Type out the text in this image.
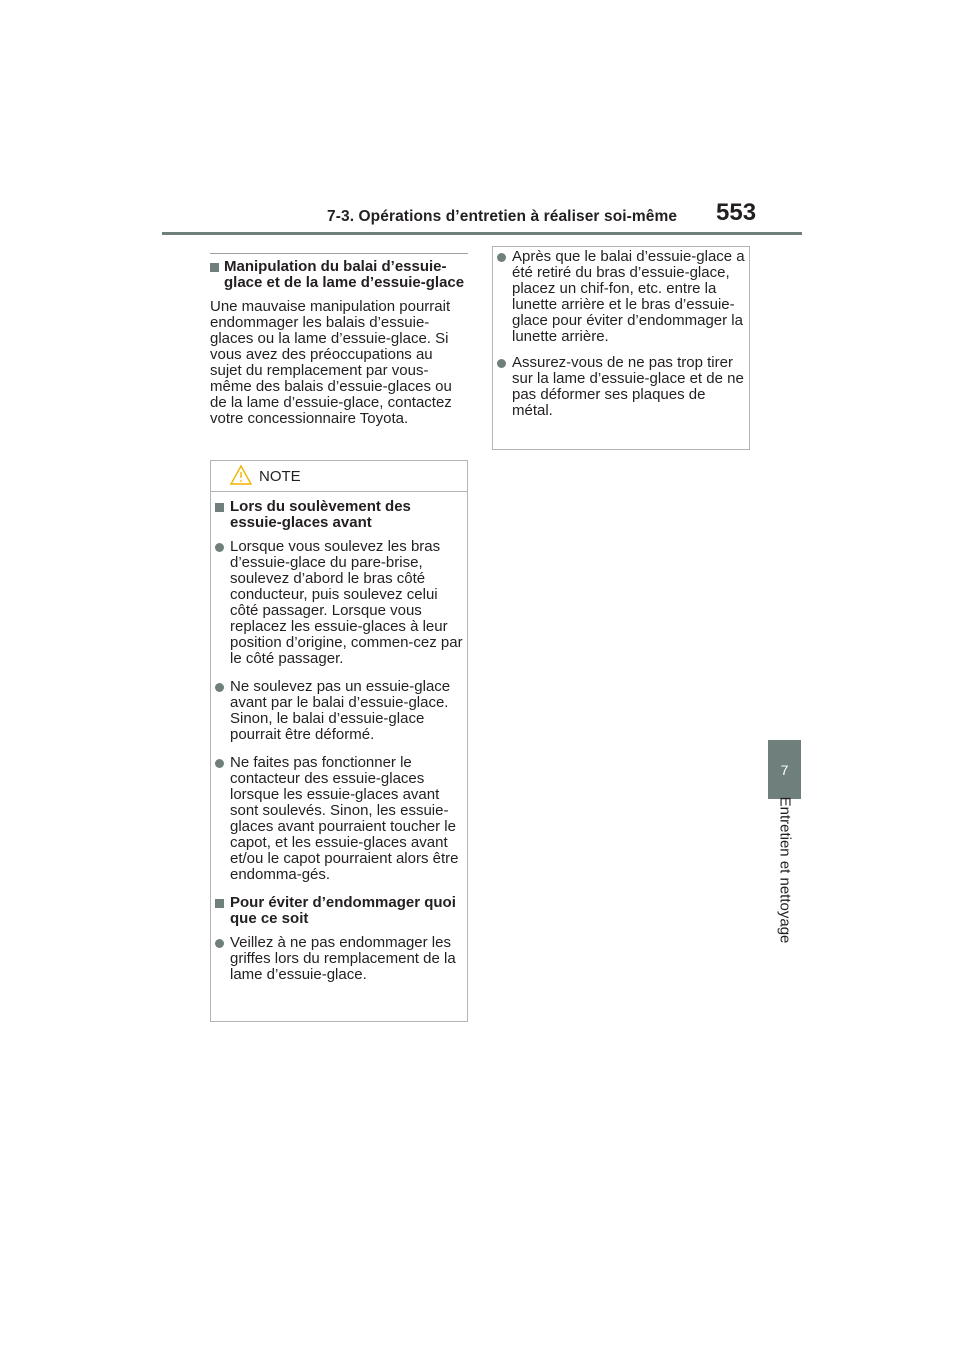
7-3. Opérations d’entretien à réaliser soi-même 553
7
Entretien et nettoyage
Manipulation du balai d’essuie-glace et de la lame d’essuie-glace
Une mauvaise manipulation pourrait endommager les balais d’essuie-glaces ou la lame d’essuie-glace. Si vous avez des préoccupations au sujet du remplacement par vous-même des balais d’essuie-glaces ou de la lame d’essuie-glace, contactez votre concessionnaire Toyota.
NOTE
Lors du soulèvement des essuie-glaces avant
Lorsque vous soulevez les bras d’essuie-glace du pare-brise, soulevez d’abord le bras côté conducteur, puis soulevez celui côté passager. Lorsque vous replacez les essuie-glaces à leur position d’origine, commen-cez par le côté passager.
Ne soulevez pas un essuie-glace avant par le balai d’essuie-glace. Sinon, le balai d’essuie-glace pourrait être déformé.
Ne faites pas fonctionner le contacteur des essuie-glaces lorsque les essuie-glaces avant sont soulevés. Sinon, les essuie-glaces avant pourraient toucher le capot, et les essuie-glaces avant et/ou le capot pourraient alors être endomma-gés.
Pour éviter d’endommager quoi que ce soit
Veillez à ne pas endommager les griffes lors du remplacement de la lame d’essuie-glace.
Après que le balai d’essuie-glace a été retiré du bras d’essuie-glace, placez un chif-fon, etc. entre la lunette arrière et le bras d’essuie-glace pour éviter d’endommager la lunette arrière.
Assurez-vous de ne pas trop tirer sur la lame d’essuie-glace et de ne pas déformer ses plaques de métal.
